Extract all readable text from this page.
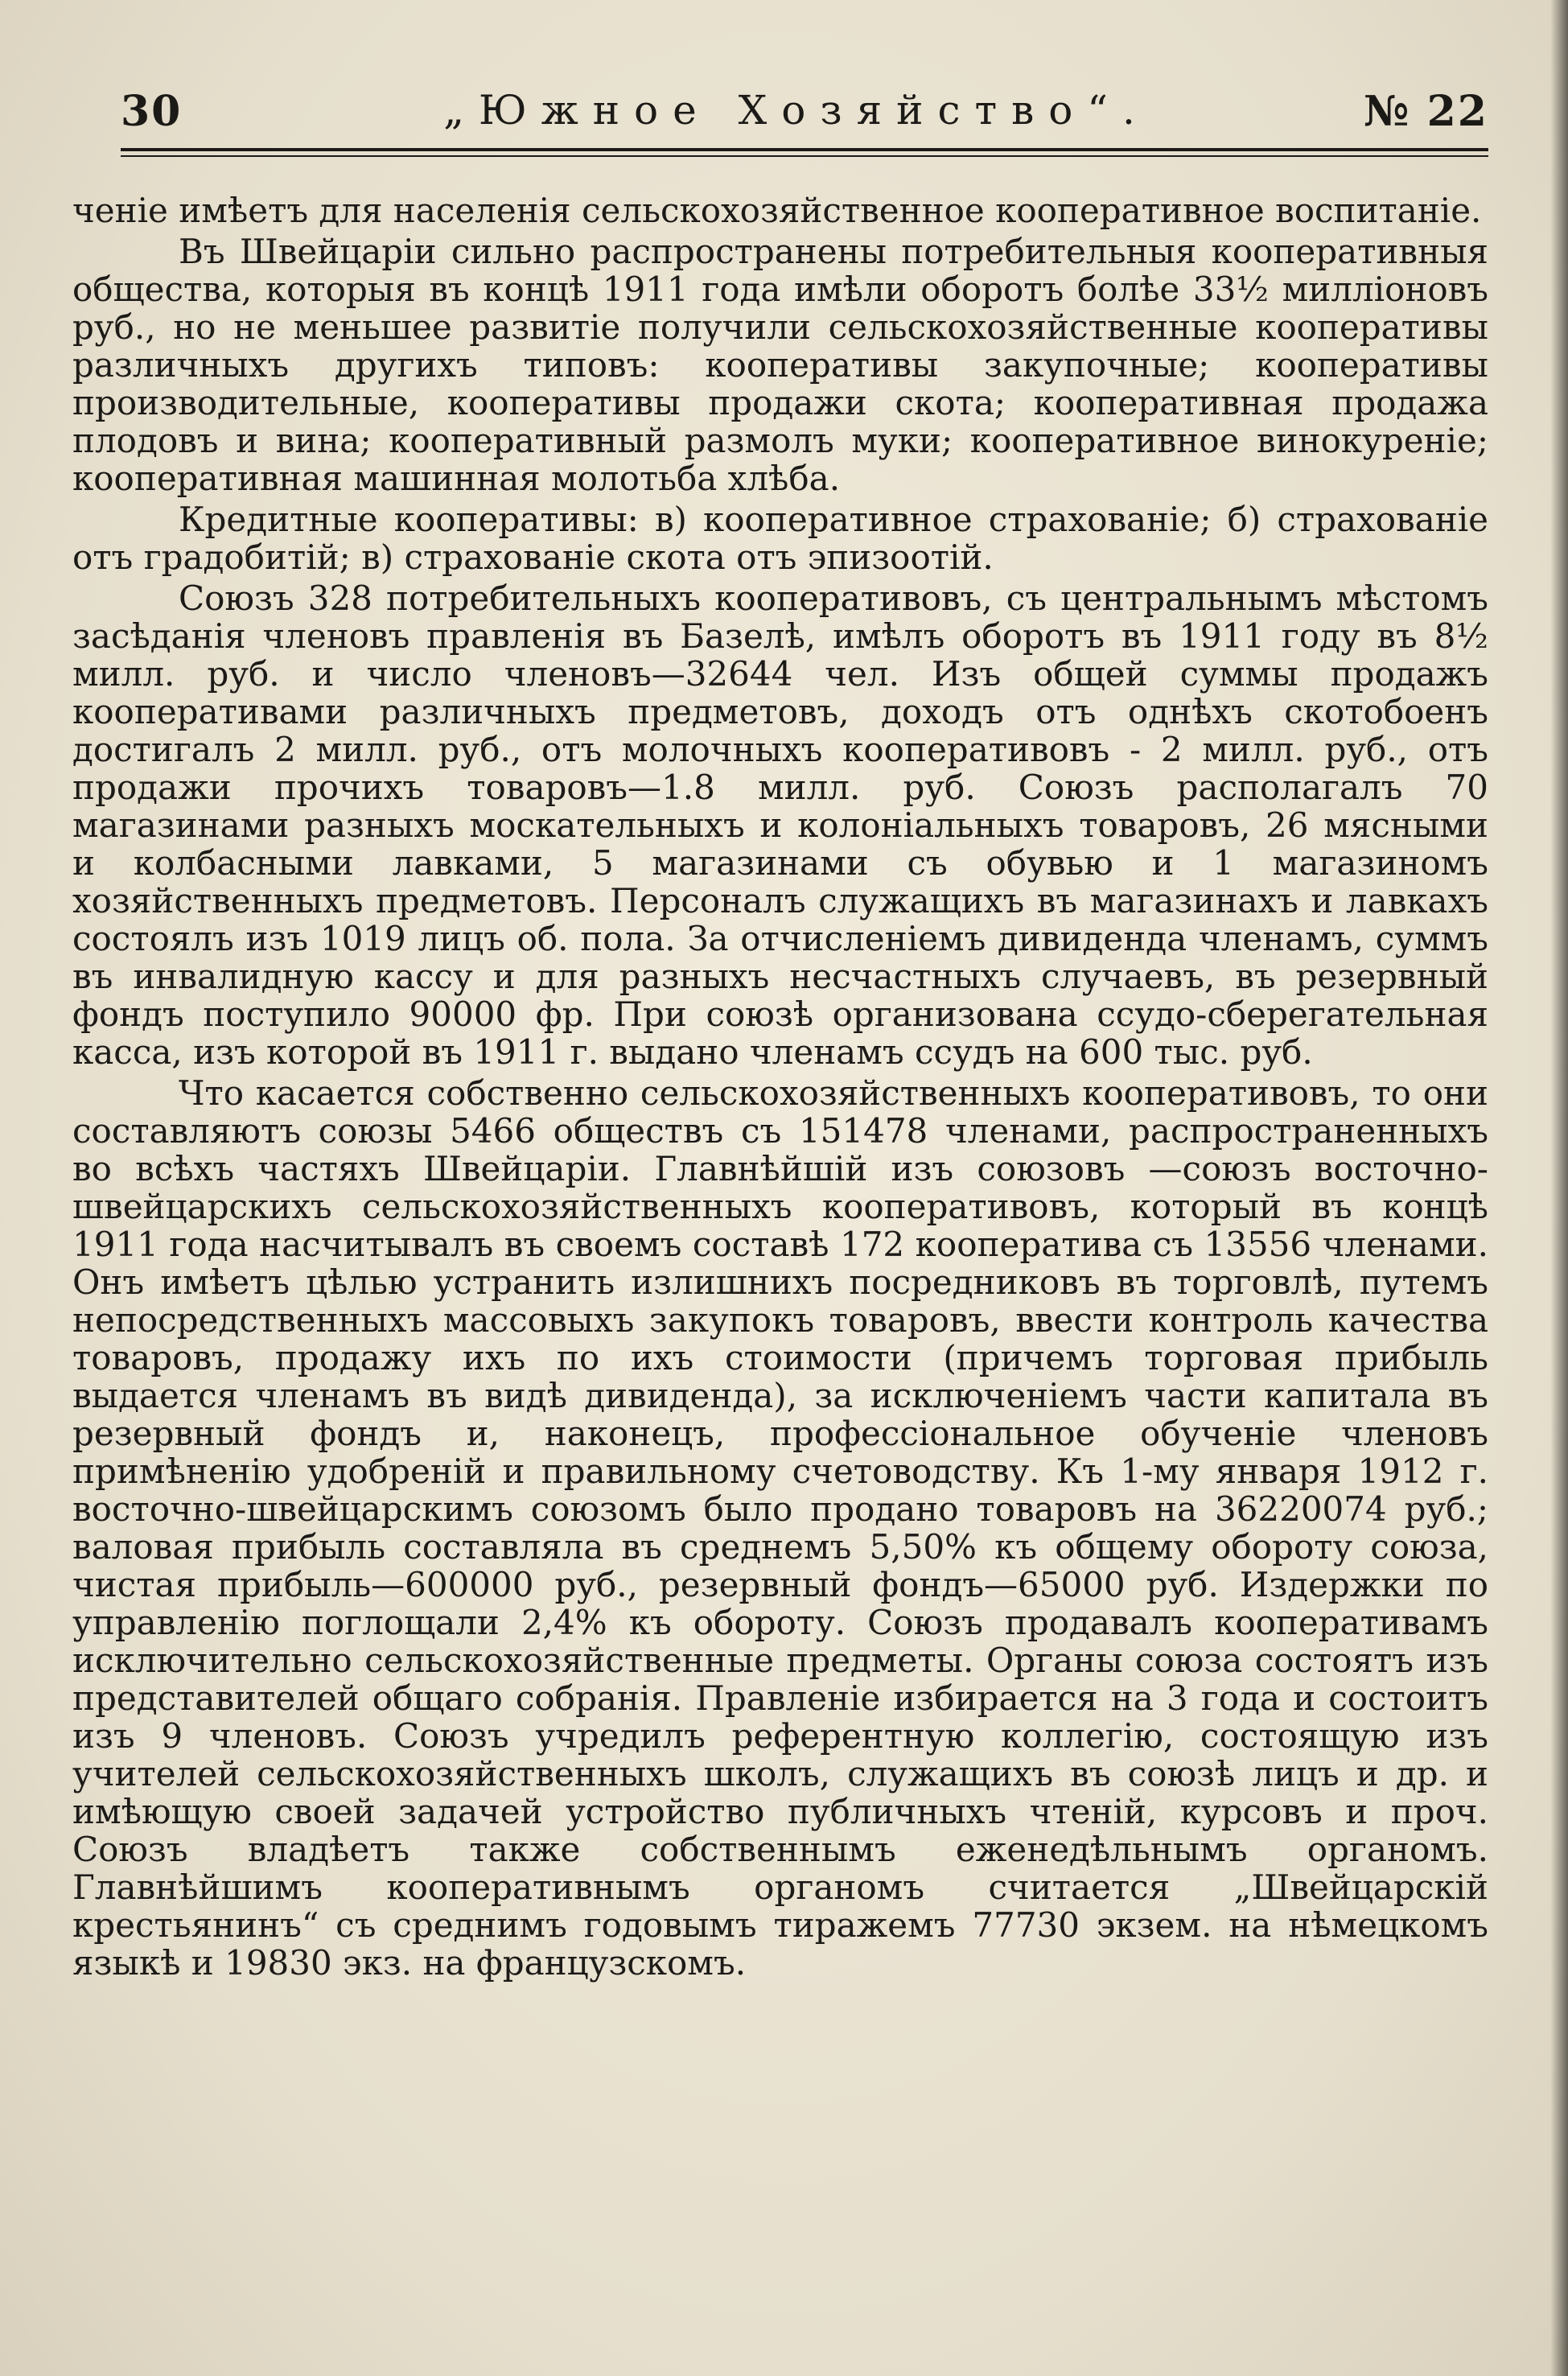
30	„Южное Хозяйство“.	№ 22

ченіе имѣетъ для населенія сельскохозяйственное кооперативное воспитаніе.

Въ Швейцаріи сильно распространены потребительныя кооперативныя общества, которыя въ концѣ 1911 года имѣли оборотъ болѣе 33½ милліоновъ руб., но не меньшее развитіе получили сельскохозяйственные кооперативы различныхъ другихъ типовъ: кооперативы закупочные; кооперативы производительные, кооперативы продажи скота; кооперативная продажа плодовъ и вина; кооперативный размолъ муки; кооперативное винокуреніе; кооперативная машинная молотьба хлѣба.

Кредитные кооперативы: в) кооперативное страхованіе; б) страхованіе отъ градобитій; в) страхованіе скота отъ эпизоотій.

Союзъ 328 потребительныхъ кооперативовъ, съ центральнымъ мѣстомъ засѣданія членовъ правленія въ Базелѣ, имѣлъ оборотъ въ 1911 году въ 8½ милл. руб. и число членовъ—32644 чел. Изъ общей суммы продажъ кооперативами различныхъ предметовъ, доходъ отъ однѣхъ скотобоенъ достигалъ 2 милл. руб., отъ молочныхъ кооперативовъ - 2 милл. руб., отъ продажи прочихъ товаровъ—1.8 милл. руб. Союзъ располагалъ 70 магазинами разныхъ москательныхъ и колоніальныхъ товаровъ, 26 мясными и колбасными лавками, 5 магазинами съ обувью и 1 магазиномъ хозяйственныхъ предметовъ. Персоналъ служащихъ въ магазинахъ и лавкахъ состоялъ изъ 1019 лицъ об. пола. За отчисленіемъ дивиденда членамъ, суммъ въ инвалидную кассу и для разныхъ несчастныхъ случаевъ, въ резервный фондъ поступило 90000 фр. При союзѣ организована ссудо-сберегательная касса, изъ которой въ 1911 г. выдано членамъ ссудъ на 600 тыс. руб.

Что касается собственно сельскохозяйственныхъ кооперативовъ, то они составляютъ союзы 5466 обществъ съ 151478 членами, распространенныхъ во всѣхъ частяхъ Швейцаріи. Главнѣйшій изъ союзовъ —союзъ восточно-швейцарскихъ сельскохозяйственныхъ кооперативовъ, который въ концѣ 1911 года насчитывалъ въ своемъ составѣ 172 кооператива съ 13556 членами. Онъ имѣетъ цѣлью устранить излишнихъ посредниковъ въ торговлѣ, путемъ непосредственныхъ массовыхъ закупокъ товаровъ, ввести контроль качества товаровъ, продажу ихъ по ихъ стоимости (причемъ торговая прибыль выдается членамъ въ видѣ дивиденда), за исключеніемъ части капитала въ резервный фондъ и, наконецъ, профессіональное обученіе членовъ примѣненію удобреній и правильному счетоводству. Къ 1-му января 1912 г. восточно-швейцарскимъ союзомъ было продано товаровъ на 36220074 руб.; валовая прибыль составляла въ среднемъ 5,50% къ общему обороту союза, чистая прибыль—600000 руб., резервный фондъ—65000 руб. Издержки по управленію поглощали 2,4% къ обороту. Союзъ продавалъ кооперативамъ исключительно сельскохозяйственные предметы. Органы союза состоятъ изъ представителей общаго собранія. Правленіе избирается на 3 года и состоитъ изъ 9 членовъ. Союзъ учредилъ референтную коллегію, состоящую изъ учителей сельскохозяйственныхъ школъ, служащихъ въ союзѣ лицъ и др. и имѣющую своей задачей устройство публичныхъ чтеній, курсовъ и проч. Союзъ владѣетъ также собственнымъ еженедѣльнымъ органомъ. Главнѣйшимъ кооперативнымъ органомъ считается „Швейцарскій крестьянинъ“ съ среднимъ годовымъ тиражемъ 77730 экзем. на нѣмецкомъ языкѣ и 19830 экз. на французскомъ.
